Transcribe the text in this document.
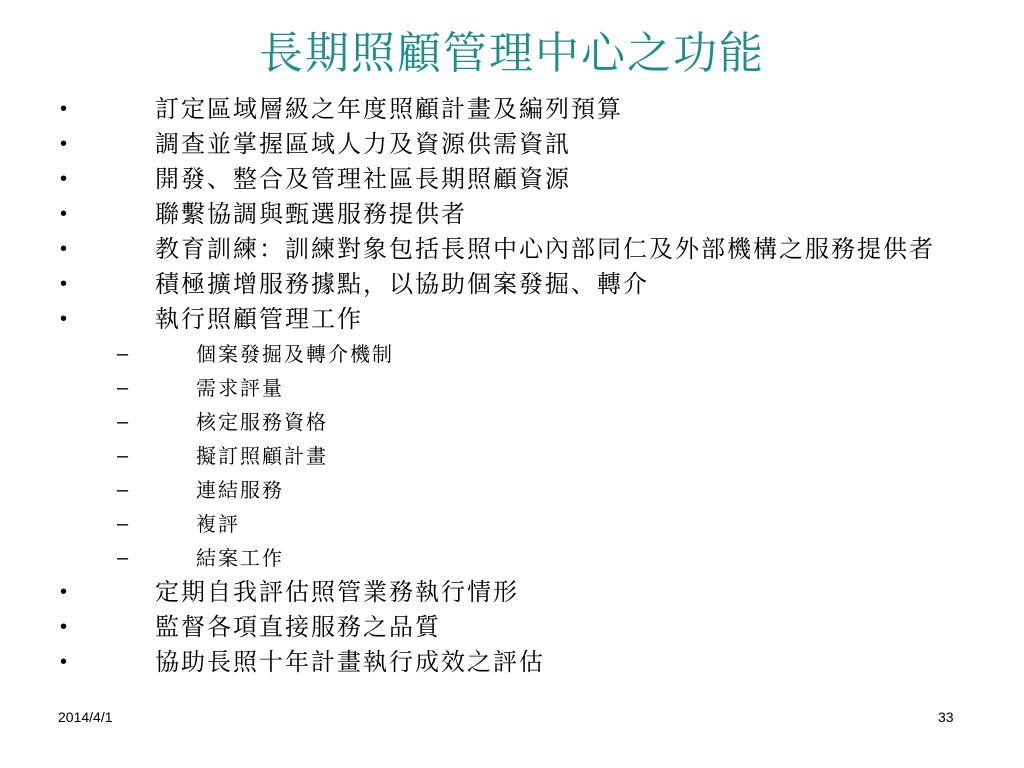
長期照顧管理中心之功能
•	訂定區域層級之年度照顧計畫及編列預算
•	調查並掌握區域人力及資源供需資訊
•	開發、整合及管理社區長期照顧資源
•	聯繫協調與甄選服務提供者
•	教育訓練：訓練對象包括長照中心內部同仁及外部機構之服務提供者
•	積極擴增服務據點，以協助個案發掘、轉介
•	執行照顧管理工作
–	個案發掘及轉介機制
–	需求評量
–	核定服務資格
–	擬訂照顧計畫
–	連結服務
–	複評
–	結案工作
•	定期自我評估照管業務執行情形
•	監督各項直接服務之品質
•	協助長照十年計畫執行成效之評估
2014/4/1	33
